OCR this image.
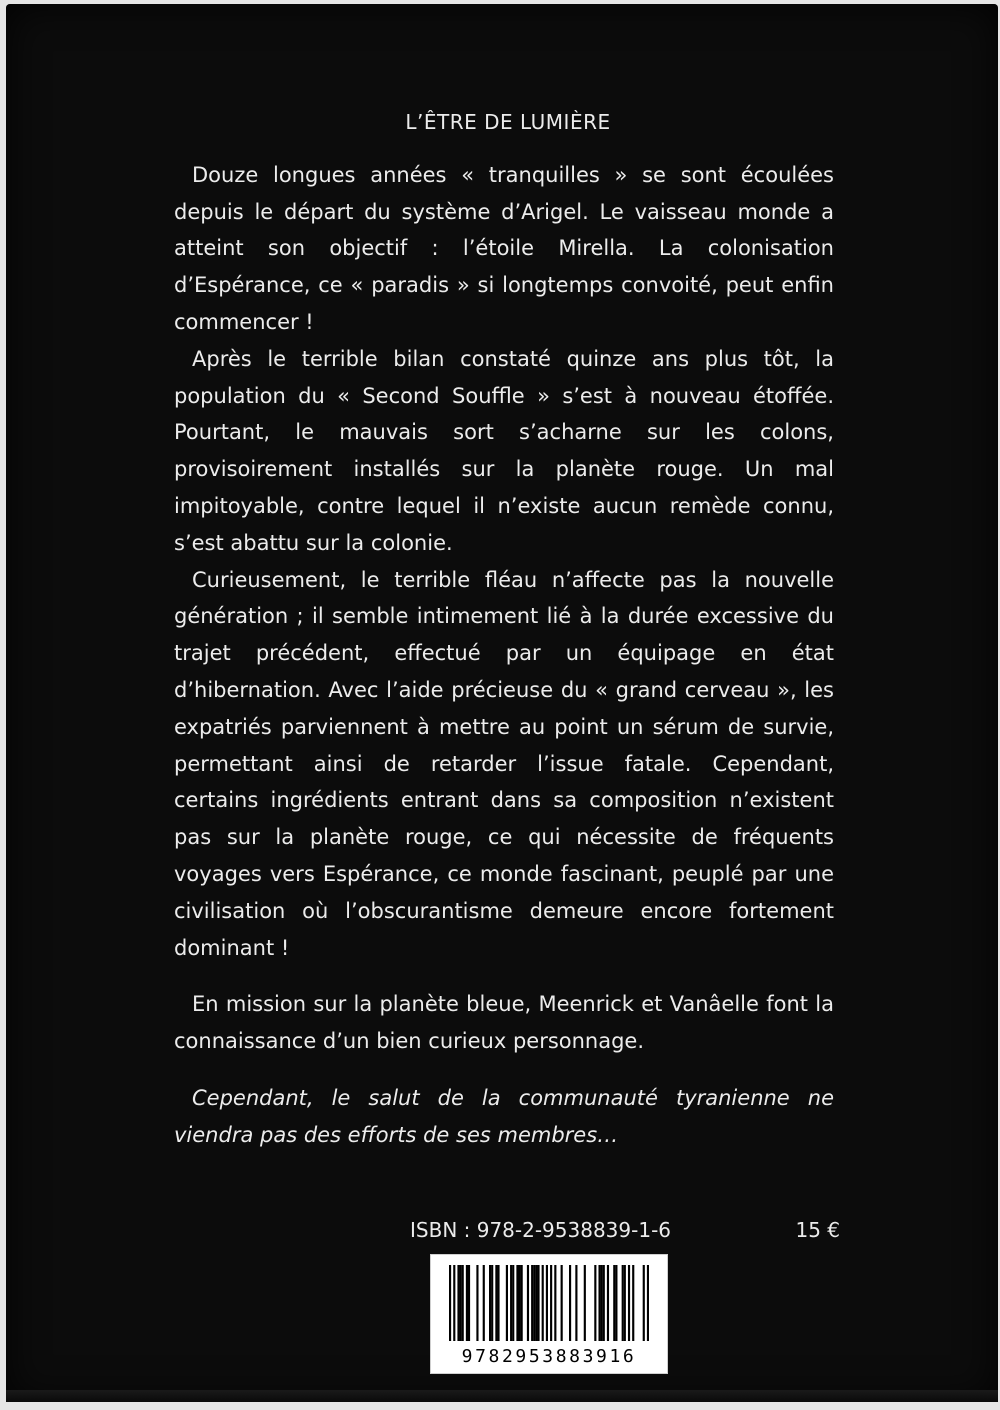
L’ÊTRE DE LUMIÈRE

Douze longues années « tranquilles » se sont écoulées depuis le départ du système d’Arigel. Le vaisseau monde a atteint son objectif : l’étoile Mirella. La colonisation d’Espérance, ce « paradis » si longtemps convoité, peut enfin commencer !

Après le terrible bilan constaté quinze ans plus tôt, la population du « Second Souffle » s’est à nouveau étoffée. Pourtant, le mauvais sort s’acharne sur les colons, provisoirement installés sur la planète rouge. Un mal impitoyable, contre lequel il n’existe aucun remède connu, s’est abattu sur la colonie.

Curieusement, le terrible fléau n’affecte pas la nouvelle génération ; il semble intimement lié à la durée excessive du trajet précédent, effectué par un équipage en état d’hibernation. Avec l’aide précieuse du « grand cerveau », les expatriés parviennent à mettre au point un sérum de survie, permettant ainsi de retarder l’issue fatale. Cependant, certains ingrédients entrant dans sa composition n’existent pas sur la planète rouge, ce qui nécessite de fréquents voyages vers Espérance, ce monde fascinant, peuplé par une civilisation où l’obscurantisme demeure encore fortement dominant !

En mission sur la planète bleue, Meenrick et Vanâelle font la connaissance d’un bien curieux personnage.

Cependant, le salut de la communauté tyranienne ne viendra pas des efforts de ses membres…

ISBN : 978-2-9538839-1-6	15 €
9782953883916
